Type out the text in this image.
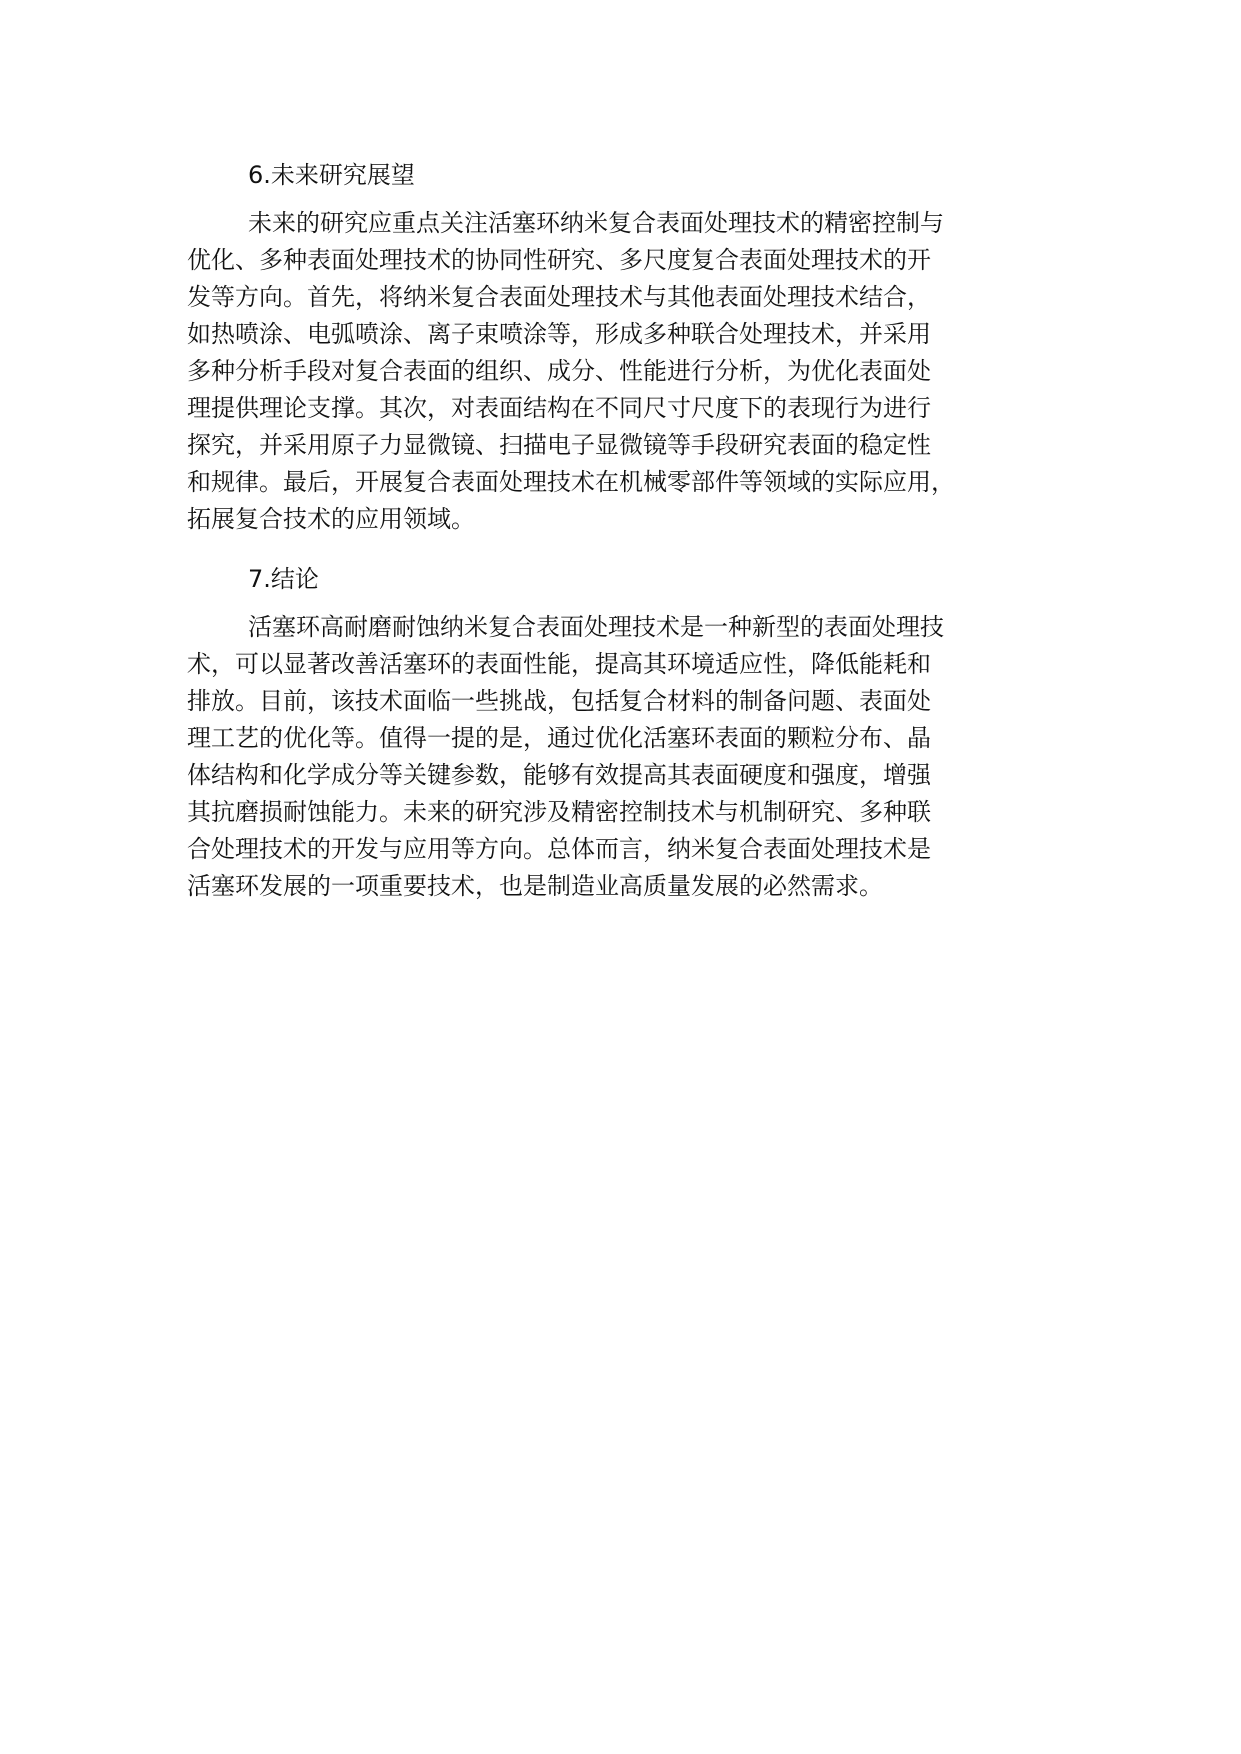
6.未来研究展望

未来的研究应重点关注活塞环纳米复合表面处理技术的精密控制与

优化、多种表面处理技术的协同性研究、多尺度复合表面处理技术的开

发等方向。首先，将纳米复合表面处理技术与其他表面处理技术结合，

如热喷涂、电弧喷涂、离子束喷涂等，形成多种联合处理技术，并采用

多种分析手段对复合表面的组织、成分、性能进行分析，为优化表面处

理提供理论支撑。其次，对表面结构在不同尺寸尺度下的表现行为进行

探究，并采用原子力显微镜、扫描电子显微镜等手段研究表面的稳定性

和规律。最后，开展复合表面处理技术在机械零部件等领域的实际应用，

拓展复合技术的应用领域。

7.结论

活塞环高耐磨耐蚀纳米复合表面处理技术是一种新型的表面处理技

术，可以显著改善活塞环的表面性能，提高其环境适应性，降低能耗和

排放。目前，该技术面临一些挑战，包括复合材料的制备问题、表面处

理工艺的优化等。值得一提的是，通过优化活塞环表面的颗粒分布、晶

体结构和化学成分等关键参数，能够有效提高其表面硬度和强度，增强

其抗磨损耐蚀能力。未来的研究涉及精密控制技术与机制研究、多种联

合处理技术的开发与应用等方向。总体而言，纳米复合表面处理技术是

活塞环发展的一项重要技术，也是制造业高质量发展的必然需求。
